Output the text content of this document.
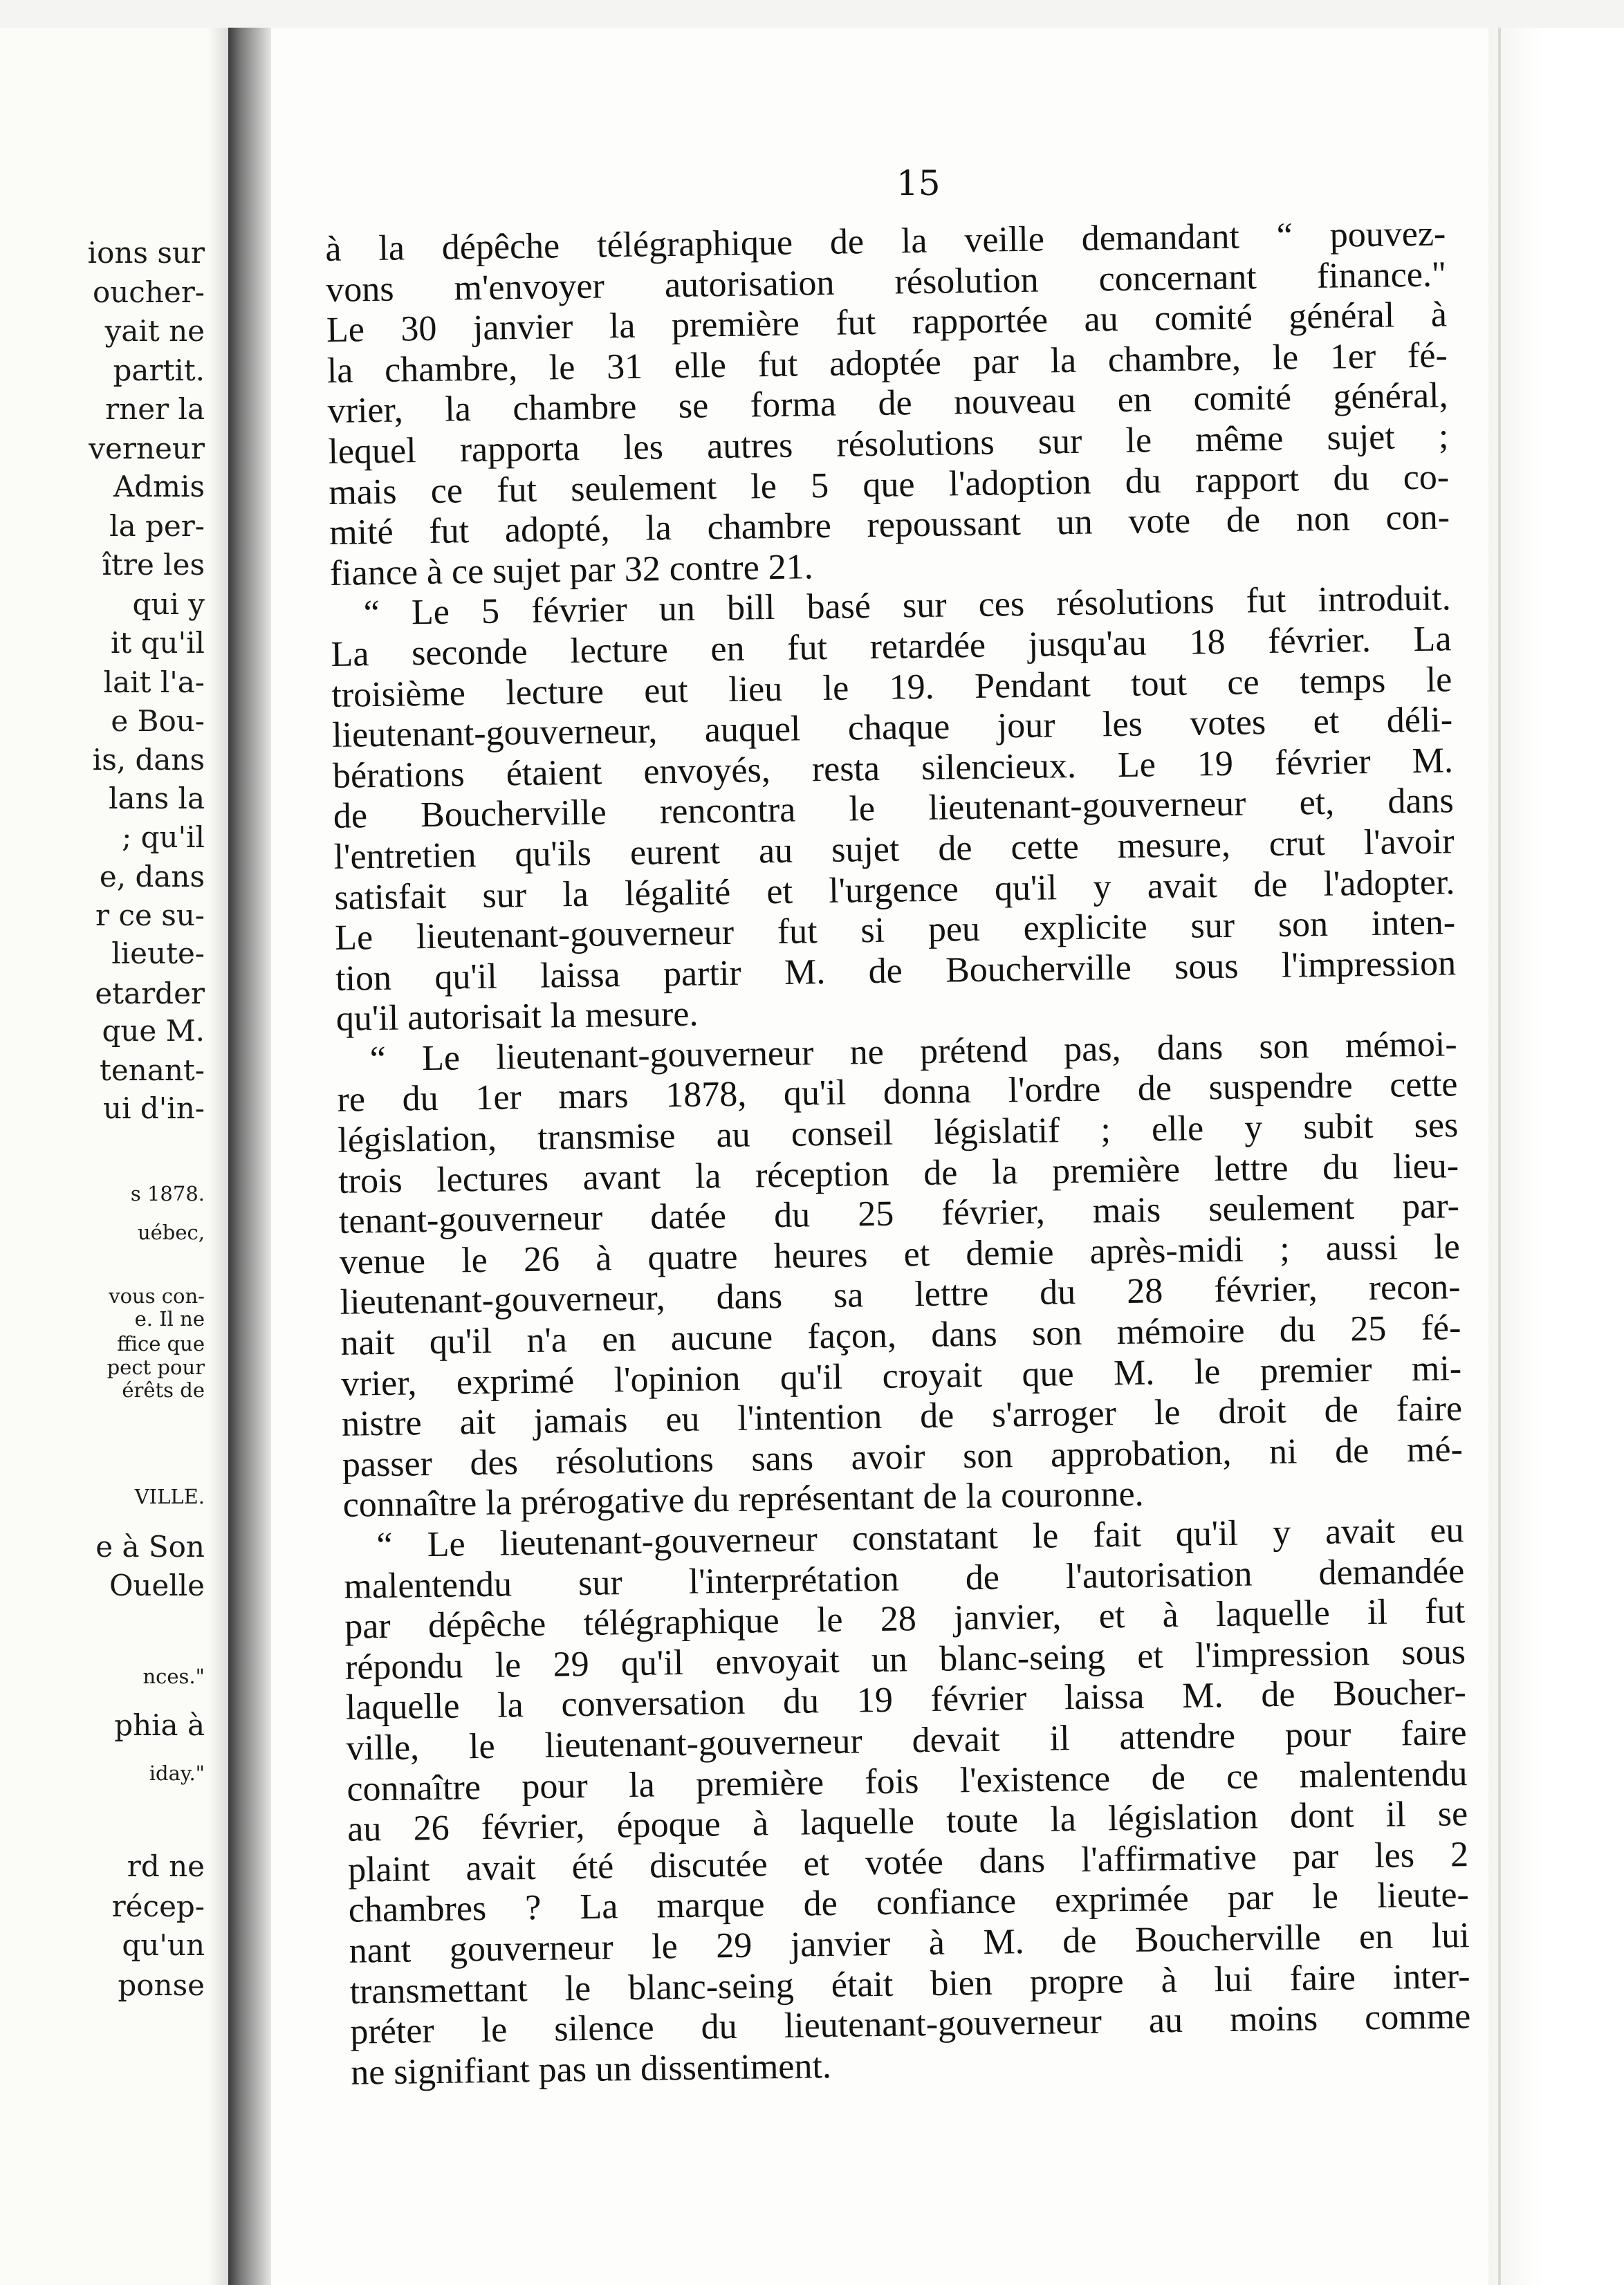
ions sur
oucher-
yait ne
partit.
rner la
verneur
Admis
la per-
ître les
qui y
it qu'il
lait l'a-
e Bou-
is, dans
lans la
; qu'il
e, dans
r ce su-
lieute-
etarder
que M.
tenant-
ui d'in-
s 1878.
uébec,
vous con-
e. Il ne
ffice que
pect pour
érêts de
VILLE.
e à Son
Ouelle
nces."
phia à
iday."
rd ne
récep-
qu'un
ponse
15
à la dépêche télégraphique de la veille demandant “ pouvez-
vons m'envoyer autorisation résolution concernant finance."
Le 30 janvier la première fut rapportée au comité général à
la chambre, le 31 elle fut adoptée par la chambre, le 1er fé-
vrier, la chambre se forma de nouveau en comité général,
lequel rapporta les autres résolutions sur le même sujet ;
mais ce fut seulement le 5 que l'adoption du rapport du co-
mité fut adopté, la chambre repoussant un vote de non con-
fiance à ce sujet par 32 contre 21.
“ Le 5 février un bill basé sur ces résolutions fut introduit.
La seconde lecture en fut retardée jusqu'au 18 février. La
troisième lecture eut lieu le 19. Pendant tout ce temps le
lieutenant-gouverneur, auquel chaque jour les votes et déli-
bérations étaient envoyés, resta silencieux. Le 19 février M.
de Boucherville rencontra le lieutenant-gouverneur et, dans
l'entretien qu'ils eurent au sujet de cette mesure, crut l'avoir
satisfait sur la légalité et l'urgence qu'il y avait de l'adopter.
Le lieutenant-gouverneur fut si peu explicite sur son inten-
tion qu'il laissa partir M. de Boucherville sous l'impression
qu'il autorisait la mesure.
“ Le lieutenant-gouverneur ne prétend pas, dans son mémoi-
re du 1er mars 1878, qu'il donna l'ordre de suspendre cette
législation, transmise au conseil législatif ; elle y subit ses
trois lectures avant la réception de la première lettre du lieu-
tenant-gouverneur datée du 25 février, mais seulement par-
venue le 26 à quatre heures et demie après-midi ; aussi le
lieutenant-gouverneur, dans sa lettre du 28 février, recon-
nait qu'il n'a en aucune façon, dans son mémoire du 25 fé-
vrier, exprimé l'opinion qu'il croyait que M. le premier mi-
nistre ait jamais eu l'intention de s'arroger le droit de faire
passer des résolutions sans avoir son approbation, ni de mé-
connaître la prérogative du représentant de la couronne.
“ Le lieutenant-gouverneur constatant le fait qu'il y avait eu
malentendu sur l'interprétation de l'autorisation demandée
par dépêche télégraphique le 28 janvier, et à laquelle il fut
répondu le 29 qu'il envoyait un blanc-seing et l'impression sous
laquelle la conversation du 19 février laissa M. de Boucher-
ville, le lieutenant-gouverneur devait il attendre pour faire
connaître pour la première fois l'existence de ce malentendu
au 26 février, époque à laquelle toute la législation dont il se
plaint avait été discutée et votée dans l'affirmative par les 2
chambres ? La marque de confiance exprimée par le lieute-
nant gouverneur le 29 janvier à M. de Boucherville en lui
transmettant le blanc-seing était bien propre à lui faire inter-
préter le silence du lieutenant-gouverneur au moins comme
ne signifiant pas un dissentiment.
